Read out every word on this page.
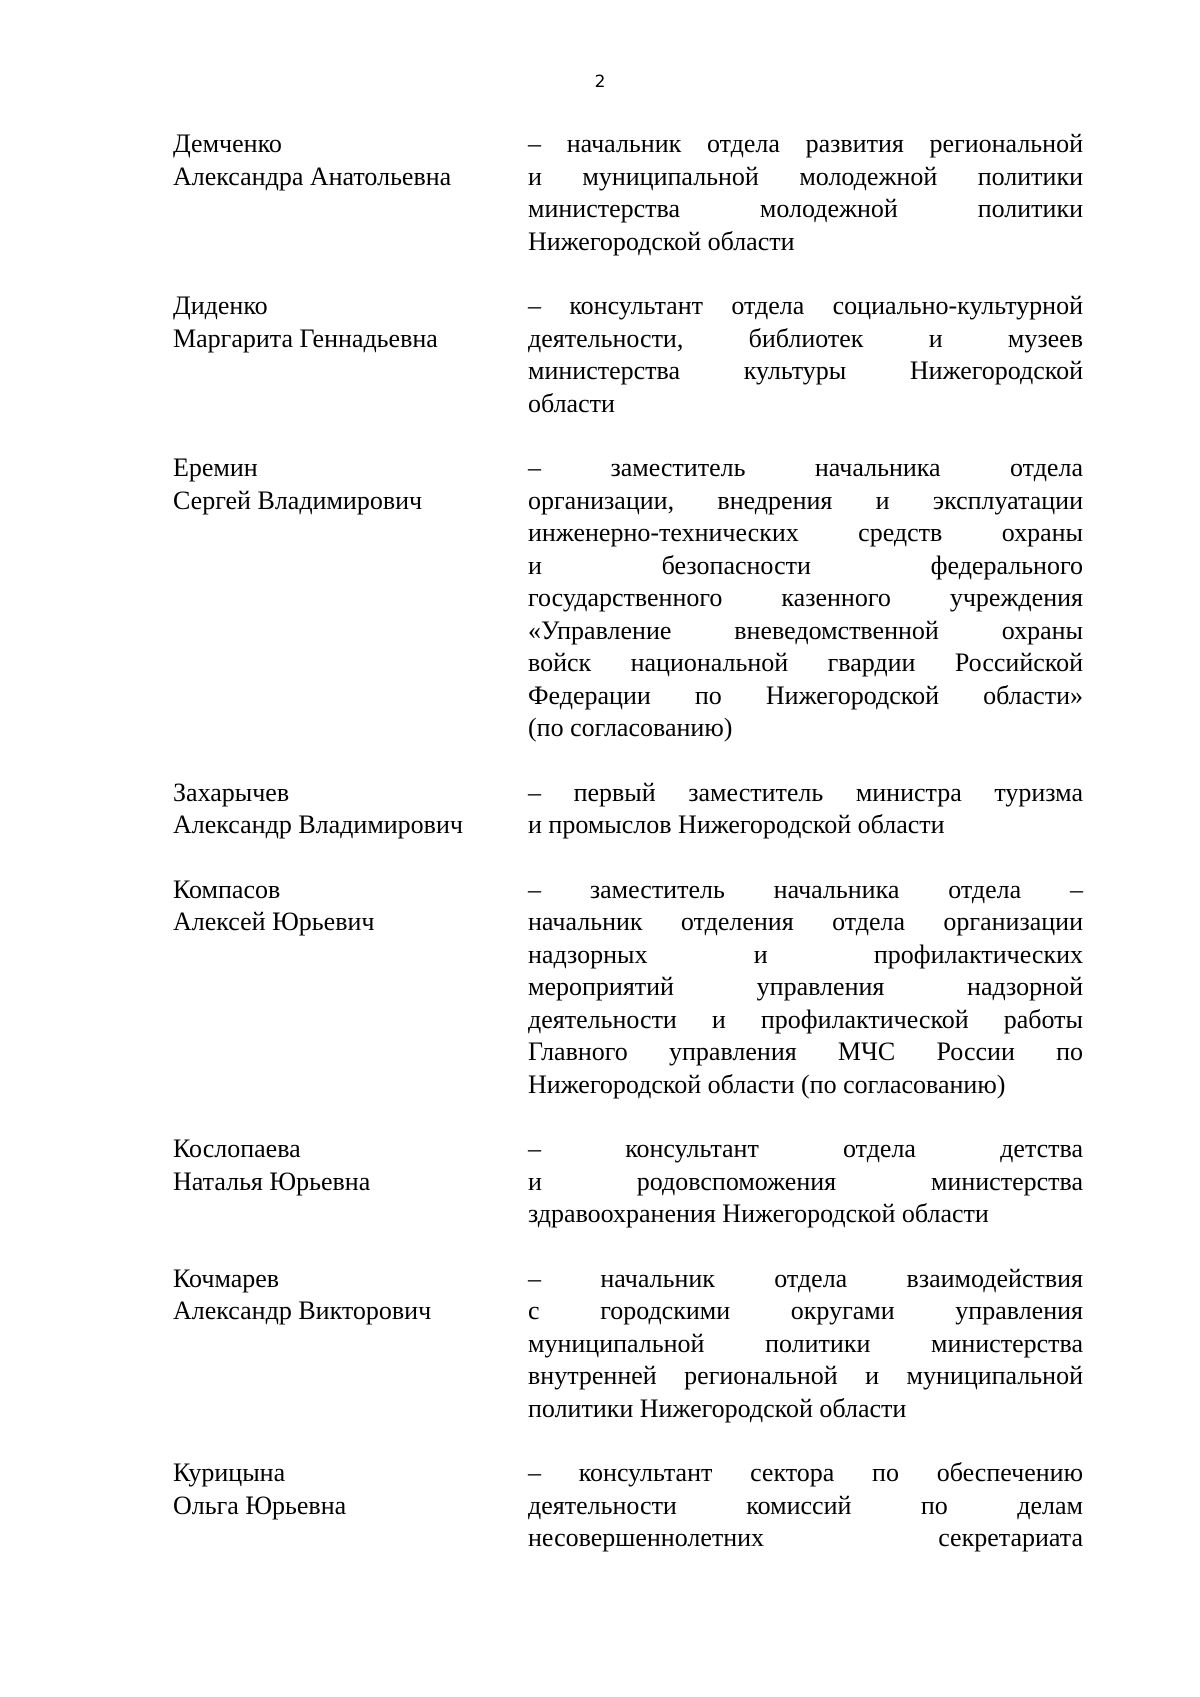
2
Демченко
Александра Анатольевна
– начальник отдела развития региональной
и муниципальной молодежной политики
министерства молодежной политики
Нижегородской области
Диденко
Маргарита Геннадьевна
– консультант отдела социально-культурной
деятельности, библиотек и музеев
министерства культуры Нижегородской
области
Еремин
Сергей Владимирович
– заместитель начальника отдела
организации, внедрения и эксплуатации
инженерно-технических средств охраны
и безопасности федерального
государственного казенного учреждения
«Управление вневедомственной охраны
войск национальной гвардии Российской
Федерации по Нижегородской области»
(по согласованию)
Захарычев
Александр Владимирович
– первый заместитель министра туризма
и промыслов Нижегородской области
Компасов
Алексей Юрьевич
– заместитель начальника отдела –
начальник отделения отдела организации
надзорных и профилактических
мероприятий управления надзорной
деятельности и профилактической работы
Главного управления МЧС России по
Нижегородской области (по согласованию)
Кослопаева
Наталья Юрьевна
– консультант отдела детства
и родовспоможения министерства
здравоохранения Нижегородской области
Кочмарев
Александр Викторович
– начальник отдела взаимодействия
с городскими округами управления
муниципальной политики министерства
внутренней региональной и муниципальной
политики Нижегородской области
Курицына
Ольга Юрьевна
– консультант сектора по обеспечению
деятельности комиссий по делам
несовершеннолетних секретариата
